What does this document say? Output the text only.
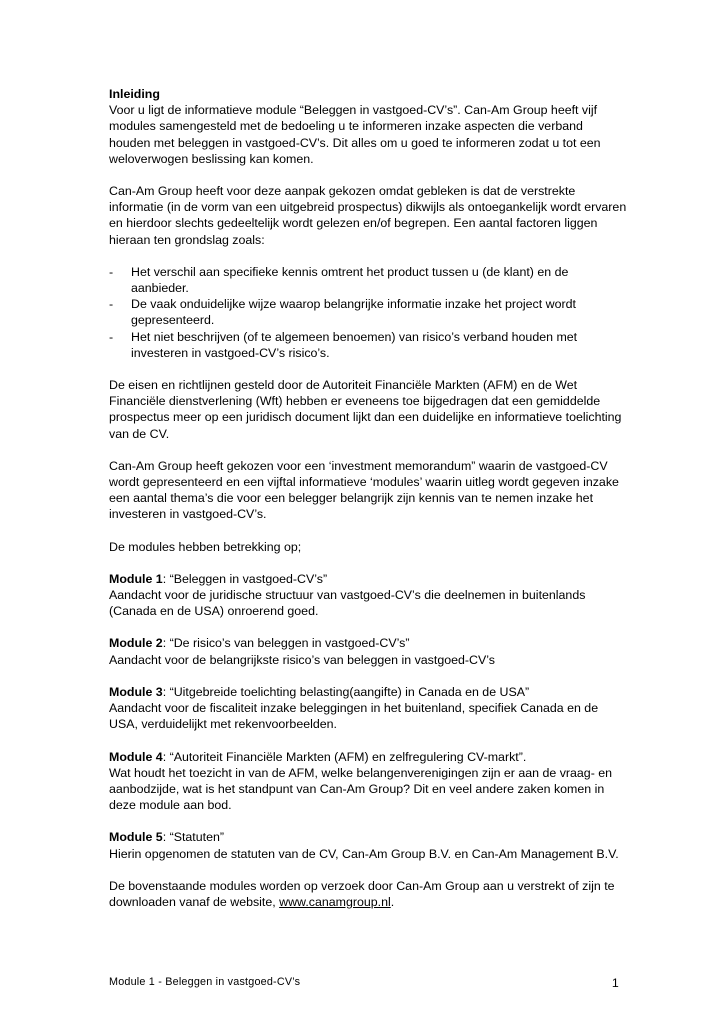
Inleiding
Voor u ligt de informatieve module “Beleggen in vastgoed-CV’s”. Can-Am Group heeft vijf modules samengesteld met de bedoeling u te informeren inzake aspecten die verband houden met beleggen in vastgoed-CV’s. Dit alles om u goed te informeren zodat u tot een weloverwogen beslissing kan komen.

Can-Am Group heeft voor deze aanpak gekozen omdat gebleken is dat de verstrekte informatie (in de vorm van een uitgebreid prospectus) dikwijls als ontoegankelijk wordt ervaren en hierdoor slechts gedeeltelijk wordt gelezen en/of begrepen. Een aantal factoren liggen hieraan ten grondslag zoals:

- Het verschil aan specifieke kennis omtrent het product tussen u (de klant) en de aanbieder.
- De vaak onduidelijke wijze waarop belangrijke informatie inzake het project wordt gepresenteerd.
- Het niet beschrijven (of te algemeen benoemen) van risico’s verband houden met investeren in vastgoed-CV’s risico’s.

De eisen en richtlijnen gesteld door de Autoriteit Financiële Markten (AFM) en de Wet Financiële dienstverlening (Wft) hebben er eveneens toe bijgedragen dat een gemiddelde prospectus meer op een juridisch document lijkt dan een duidelijke en informatieve toelichting van de CV.

Can-Am Group heeft gekozen voor een ‘investment memorandum” waarin de vastgoed-CV wordt gepresenteerd en een vijftal informatieve ‘modules’ waarin uitleg wordt gegeven inzake een aantal thema’s die voor een belegger belangrijk zijn kennis van te nemen inzake het investeren in vastgoed-CV’s.

De modules hebben betrekking op;

Module 1: “Beleggen in vastgoed-CV’s”
Aandacht voor de juridische structuur van vastgoed-CV’s die deelnemen in buitenlands (Canada en de USA) onroerend goed.

Module 2: “De risico’s van beleggen in vastgoed-CV’s”
Aandacht voor de belangrijkste risico’s van beleggen in vastgoed-CV’s

Module 3: “Uitgebreide toelichting belasting(aangifte) in Canada en de USA”
Aandacht voor de fiscaliteit inzake beleggingen in het buitenland, specifiek Canada en de USA, verduidelijkt met rekenvoorbeelden.

Module 4: “Autoriteit Financiële Markten (AFM) en zelfregulering CV-markt”.
Wat houdt het toezicht in van de AFM, welke belangenverenigingen zijn er aan de vraag- en aanbodzijde, wat is het standpunt van Can-Am Group? Dit en veel andere zaken komen in deze module aan bod.

Module 5: “Statuten”
Hierin opgenomen de statuten van de CV, Can-Am Group B.V. en Can-Am Management B.V.

De bovenstaande modules worden op verzoek door Can-Am Group aan u verstrekt of zijn te downloaden vanaf de website, www.canamgroup.nl.

Module 1 - Beleggen in vastgoed-CV’s	1
